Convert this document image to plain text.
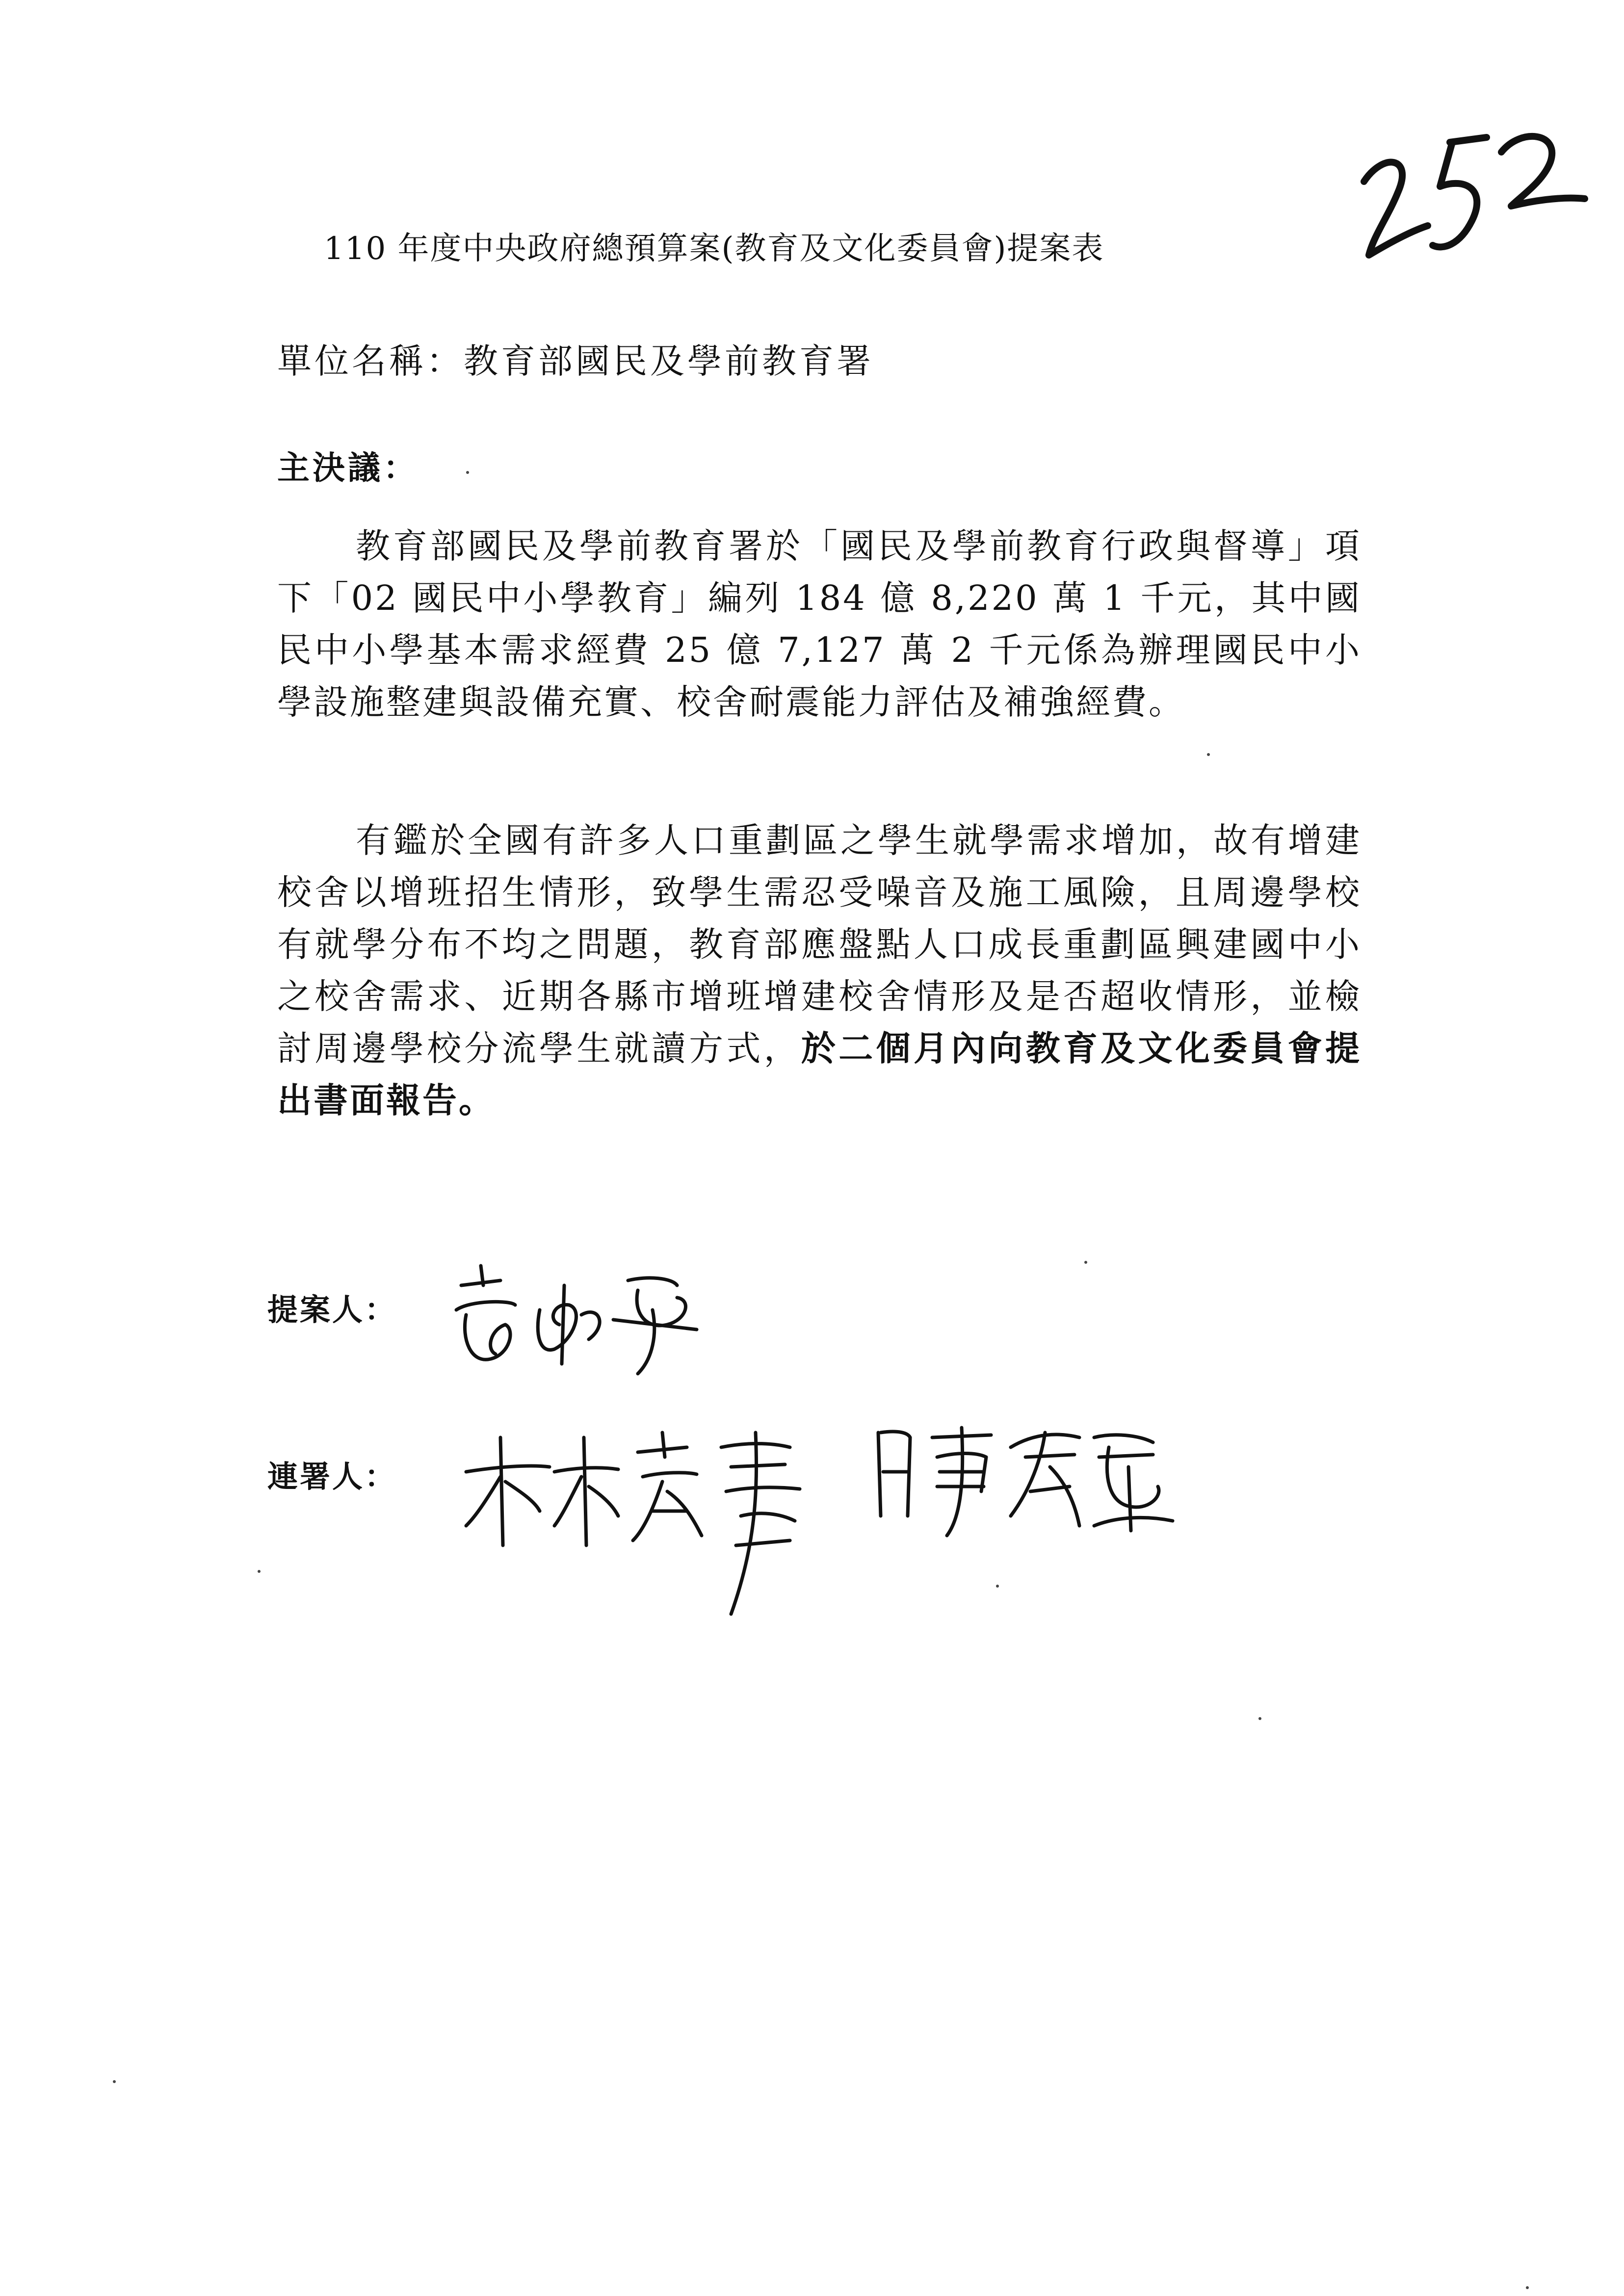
110 年度中央政府總預算案(教育及文化委員會)提案表
單位名稱：教育部國民及學前教育署
主決議：

教育部國民及學前教育署於「國民及學前教育行政與督導」項下「02 國民中小學教育」編列 184 億 8,220 萬 1 千元，其中國民中小學基本需求經費 25 億 7,127 萬 2 千元係為辦理國民中小學設施整建與設備充實、校舍耐震能力評估及補強經費。

有鑑於全國有許多人口重劃區之學生就學需求增加，故有增建校舍以增班招生情形，致學生需忍受噪音及施工風險，且周邊學校有就學分布不均之問題，教育部應盤點人口成長重劃區興建國中小之校舍需求、近期各縣市增班增建校舍情形及是否超收情形，並檢討周邊學校分流學生就讀方式，於二個月內向教育及文化委員會提出書面報告。

提案人：
連署人：
